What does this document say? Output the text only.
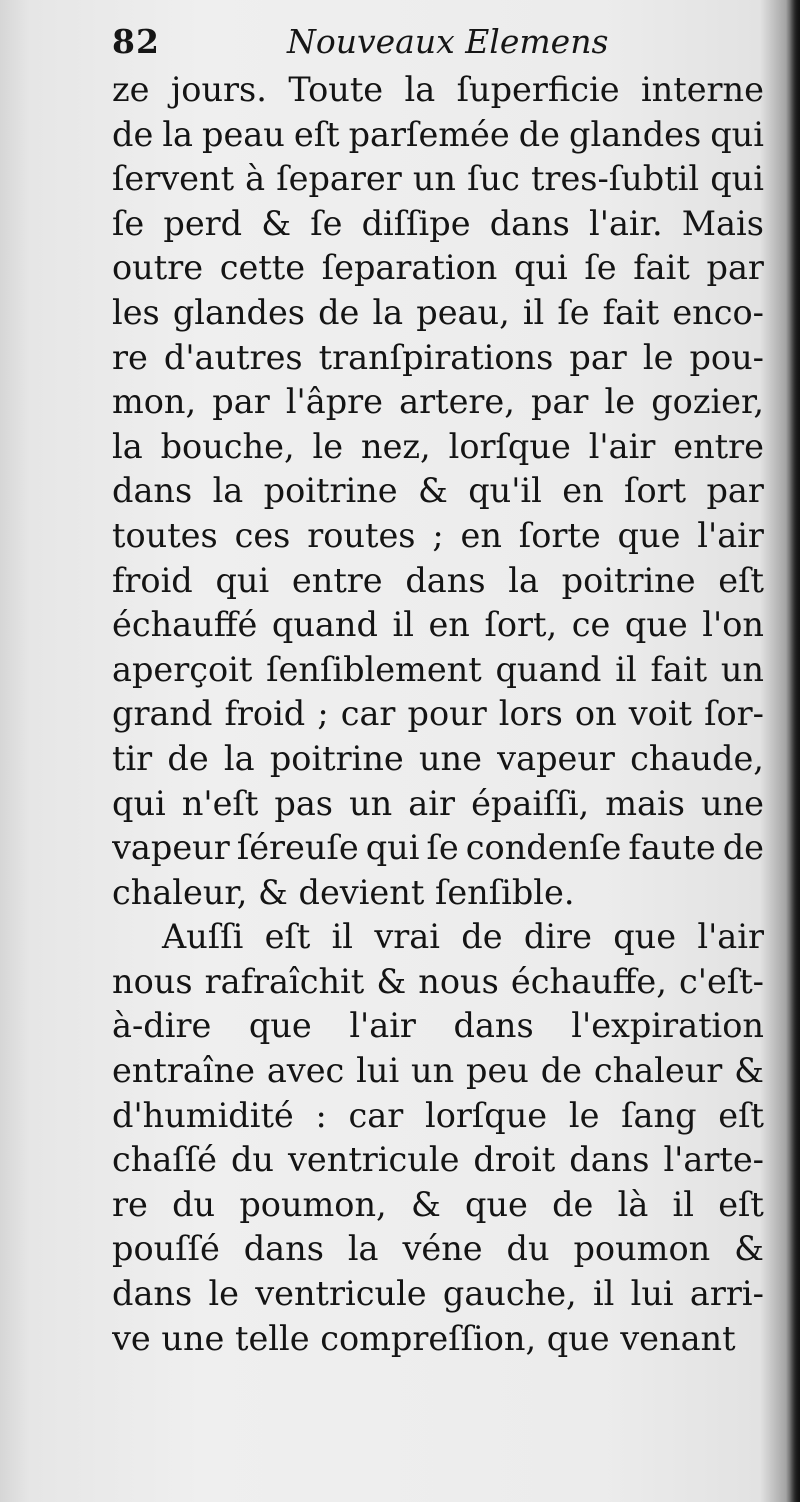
82	Nouveaux Elemens
ze jours. Toute la ſuperficie interne
de la peau eſt parſemée de glandes qui
ſervent à ſeparer un ſuc tres-ſubtil qui
ſe perd & ſe diſſipe dans l'air. Mais
outre cette ſeparation qui ſe fait par
les glandes de la peau, il ſe fait enco-
re d'autres tranſpirations par le pou-
mon, par l'âpre artere, par le gozier,
la bouche, le nez, lorſque l'air entre
dans la poitrine & qu'il en ſort par
toutes ces routes ; en ſorte que l'air
froid qui entre dans la poitrine eſt
échauffé quand il en ſort, ce que l'on
aperçoit ſenſiblement quand il fait un
grand froid ; car pour lors on voit ſor-
tir de la poitrine une vapeur chaude,
qui n'eſt pas un air épaiſſi, mais une
vapeur ſéreuſe qui ſe condenſe faute de
chaleur, & devient ſenſible.
Auſſi eſt il vrai de dire que l'air
nous rafraîchit & nous échauffe, c'eſt-
à-dire que l'air dans l'expiration
entraîne avec lui un peu de chaleur &
d'humidité : car lorſque le ſang eſt
chaſſé du ventricule droit dans l'arte-
re du poumon, & que de là il eſt
pouſſé dans la véne du poumon &
dans le ventricule gauche, il lui arri-
ve une telle compreſſion, que venant
